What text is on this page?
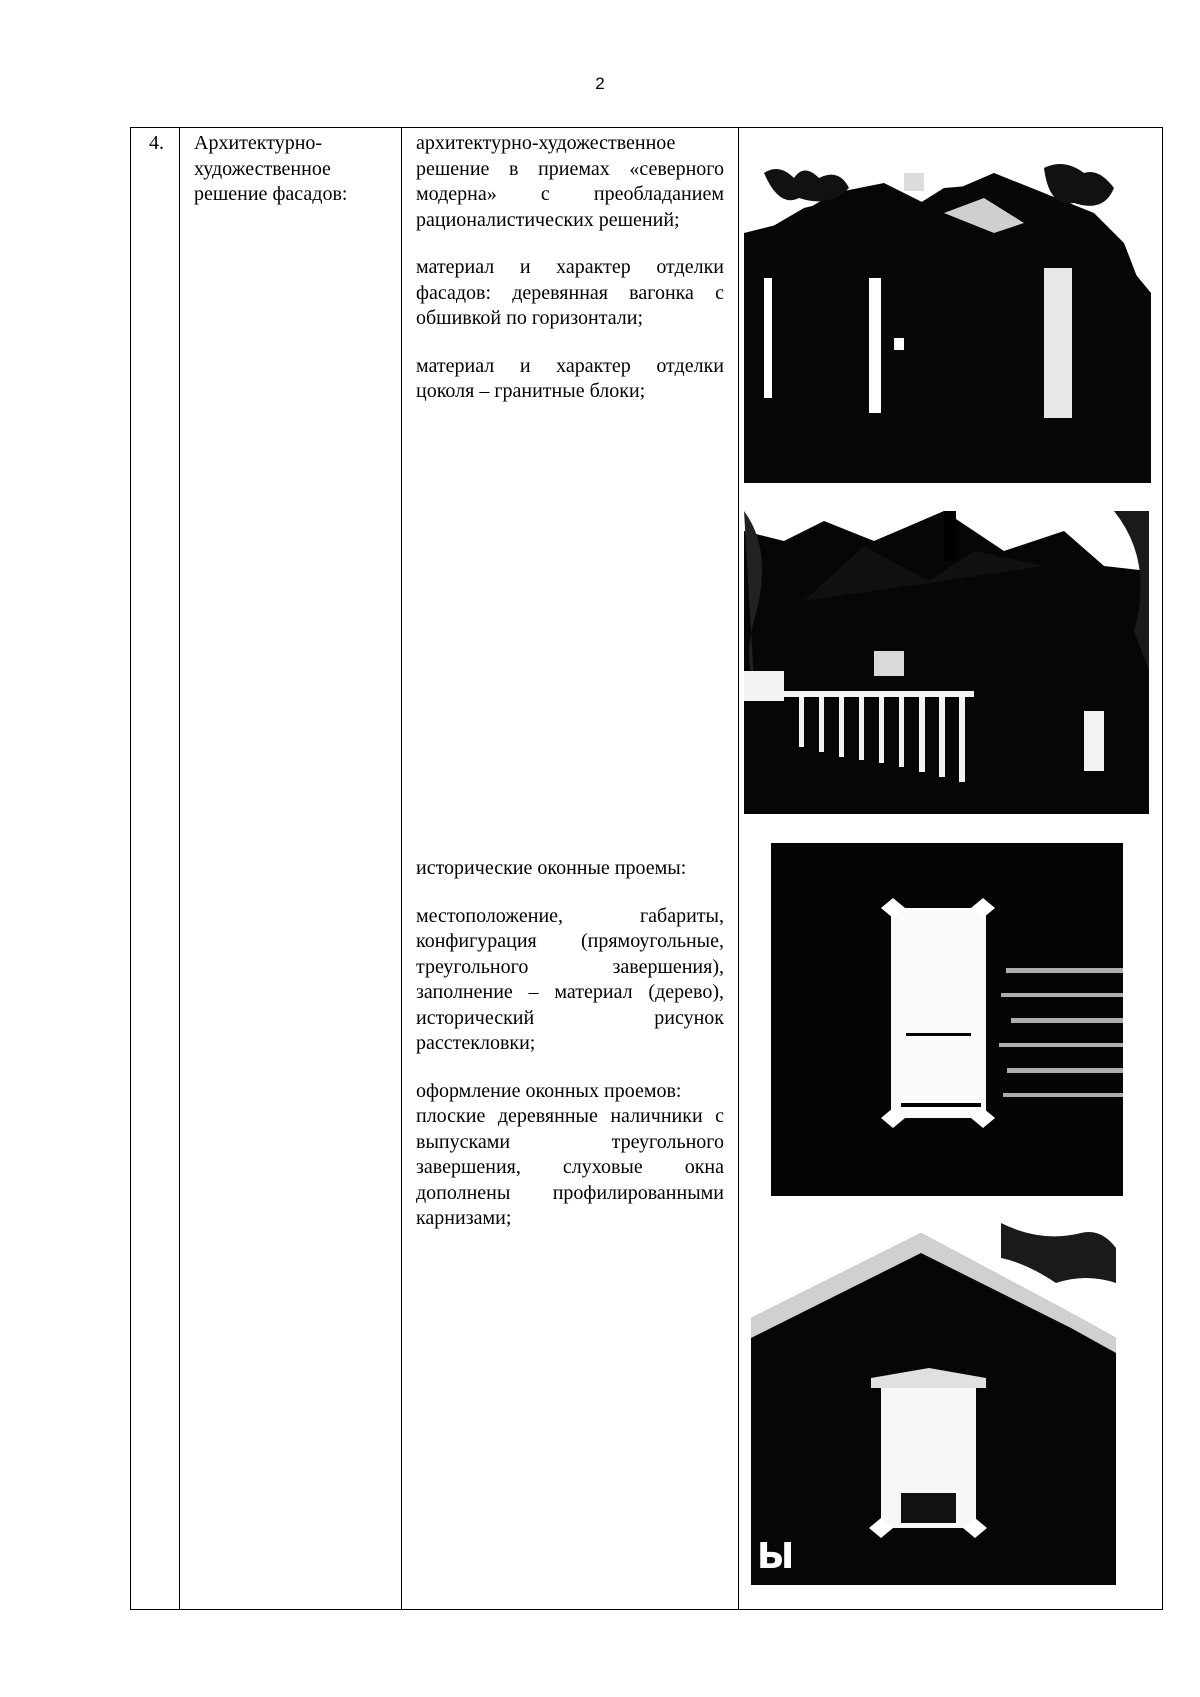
2
4. Архитектурно-художественное решение фасадов:

архитектурно-художественное решение в приемах «северного модерна» с преобладанием рационалистических решений;

материал и характер отделки фасадов: деревянная вагонка с обшивкой по горизонтали;

материал и характер отделки цоколя – гранитные блоки;

исторические оконные проемы:

местоположение, габариты, конфигурация (прямоугольные, треугольного завершения), заполнение – материал (дерево), исторический рисунок расстекловки;

оформление оконных проемов:

плоские деревянные наличники с выпусками треугольного завершения, слуховые окна дополнены профилированными карнизами;

Ы
